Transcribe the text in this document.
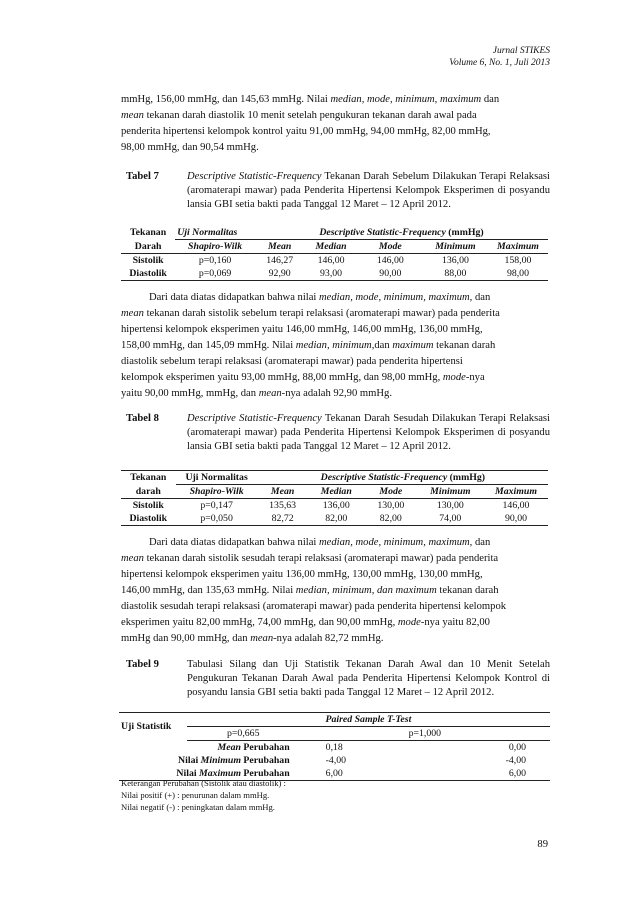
Jurnal STIKES
Volume 6, No. 1, Juli 2013
mmHg, 156,00 mmHg, dan 145,63 mmHg. Nilai median, mode, minimum, maximum dan
mean tekanan darah diastolik 10 menit setelah pengukuran tekanan darah awal pada
penderita hipertensi kelompok kontrol yaitu 91,00 mmHg, 94,00 mmHg, 82,00 mmHg,
98,00 mmHg, dan 90,54 mmHg.
Tabel 7	Descriptive Statistic-Frequency Tekanan Darah Sebelum Dilakukan Terapi Relaksasi (aromaterapi mawar) pada Penderita Hipertensi Kelompok Eksperimen di posyandu lansia GBI setia bakti pada Tanggal 12 Maret – 12 April 2012.
Tekanan	Uji Normalitas	Descriptive Statistic-Frequency (mmHg)				
Darah	Shapiro-Wilk	Mean	Median	Mode	Minimum	Maximum
Sistolik	p=0,160	146,27	146,00	146,00	136,00	158,00
Diastolik	p=0,069	92,90	93,00	90,00	88,00	98,00
Dari data diatas didapatkan bahwa nilai median, mode, minimum, maximum, dan
mean tekanan darah sistolik sebelum terapi relaksasi (aromaterapi mawar) pada penderita
hipertensi kelompok eksperimen yaitu 146,00 mmHg, 146,00 mmHg, 136,00 mmHg,
158,00 mmHg, dan 145,09 mmHg. Nilai median, minimum,dan maximum tekanan darah
diastolik sebelum terapi relaksasi (aromaterapi mawar) pada penderita hipertensi
kelompok eksperimen yaitu 93,00 mmHg, 88,00 mmHg, dan 98,00 mmHg, mode-nya
yaitu 90,00 mmHg, mmHg, dan mean-nya adalah 92,90 mmHg.
Tabel 8	Descriptive Statistic-Frequency Tekanan Darah Sesudah Dilakukan Terapi Relaksasi (aromaterapi mawar) pada Penderita Hipertensi Kelompok Eksperimen di posyandu lansia GBI setia bakti pada Tanggal 12 Maret – 12 April 2012.
Tekanan	Uji Normalitas	Descriptive Statistic-Frequency (mmHg)				
darah	Shapiro-Wilk	Mean	Median	Mode	Minimum	Maximum
Sistolik	p=0,147	135,63	136,00	130,00	130,00	146,00
Diastolik	p=0,050	82,72	82,00	82,00	74,00	90,00
Dari data diatas didapatkan bahwa nilai median, mode, minimum, maximum, dan
mean tekanan darah sistolik sesudah terapi relaksasi (aromaterapi mawar) pada penderita
hipertensi kelompok eksperimen yaitu 136,00 mmHg, 130,00 mmHg, 130,00 mmHg,
146,00 mmHg, dan 135,63 mmHg. Nilai median, minimum, dan maximum tekanan darah
diastolik sesudah terapi relaksasi (aromaterapi mawar) pada penderita hipertensi kelompok
eksperimen yaitu 82,00 mmHg, 74,00 mmHg, dan 90,00 mmHg, mode-nya yaitu 82,00
mmHg dan 90,00 mmHg, dan mean-nya adalah 82,72 mmHg.
Tabel 9	Tabulasi Silang dan Uji Statistik Tekanan Darah Awal dan 10 Menit Setelah Pengukuran Tekanan Darah Awal pada Penderita Hipertensi Kelompok Kontrol di posyandu lansia GBI setia bakti pada Tanggal 12 Maret – 12 April 2012.
Uji Statistik	Paired Sample T-Test		
	p=0,665	p=1,000	
Mean Perubahan		0,18	0,00
Nilai Minimum Perubahan		-4,00	-4,00
Nilai Maximum Perubahan		6,00	6,00
Keterangan Perubahan (Sistolik atau diastolik) :
Nilai positif (+) : penurunan dalam mmHg.
Nilai negatif (-) : peningkatan dalam mmHg.
89
